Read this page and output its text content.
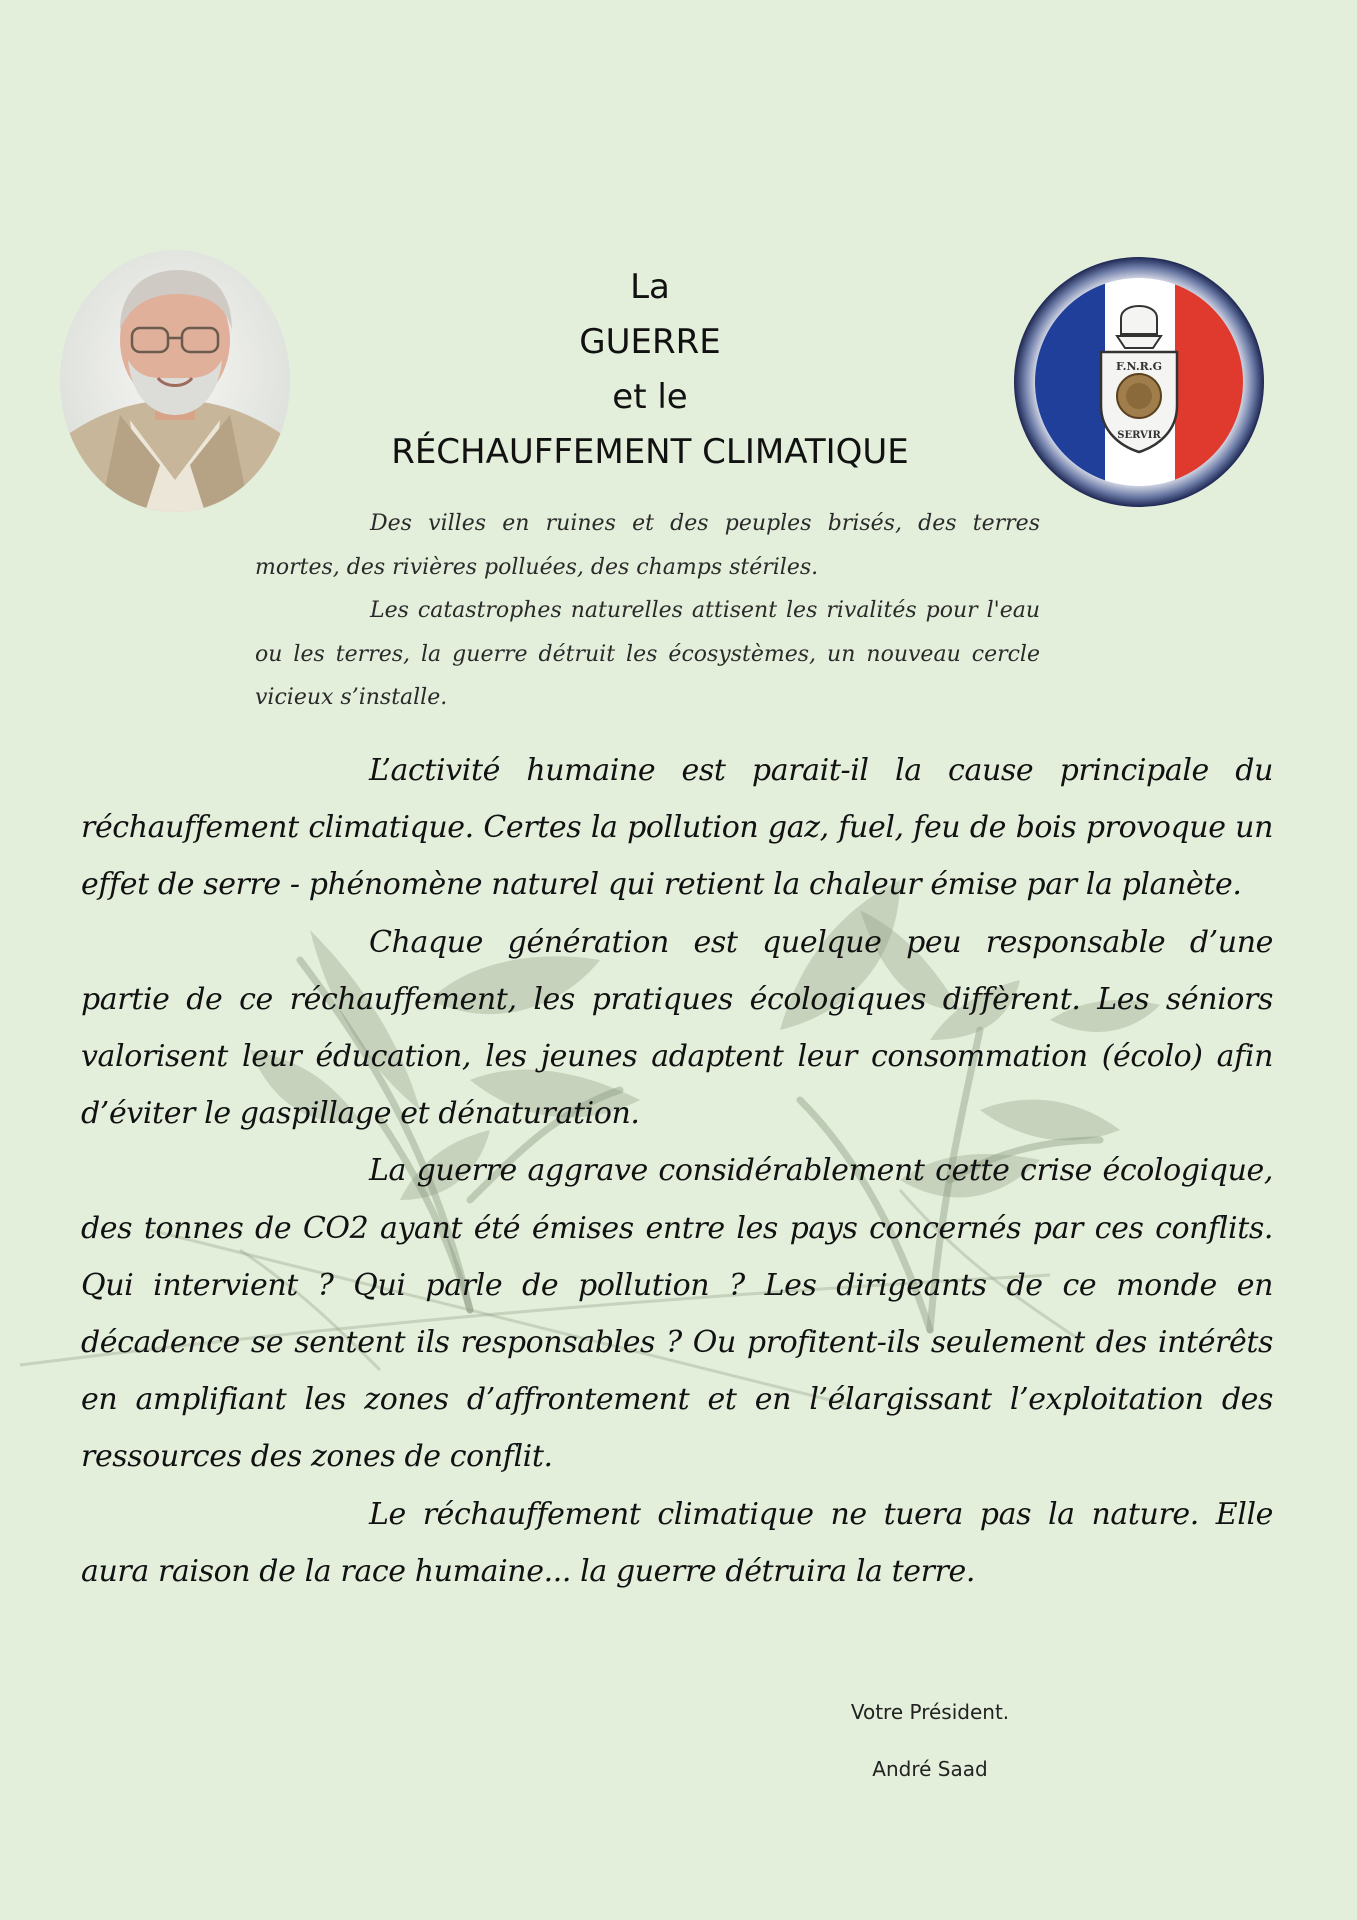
F.N.R.G
SERVIR
La
GUERRE
et le
RÉCHAUFFEMENT CLIMATIQUE

Des villes en ruines et des peuples brisés, des terres mortes, des rivières polluées, des champs stériles.

Les catastrophes naturelles attisent les rivalités pour l'eau ou les terres, la guerre détruit les écosystèmes, un nouveau cercle vicieux s’installe.

L’activité humaine est parait-il la cause principale du réchauffement climatique. Certes la pollution gaz, fuel, feu de bois provoque un effet de serre - phénomène naturel qui retient la chaleur émise par la planète.

Chaque génération est quelque peu responsable d’une partie de ce réchauffement, les pratiques écologiques diffèrent. Les séniors valorisent leur éducation, les jeunes adaptent leur consommation (écolo) afin d’éviter le gaspillage et dénaturation.

La guerre aggrave considérablement cette crise écologique, des tonnes de CO2 ayant été émises entre les pays concernés par ces conflits. Qui intervient ? Qui parle de pollution ? Les dirigeants de ce monde en décadence se sentent ils responsables ? Ou profitent-ils seulement des intérêts en amplifiant les zones d’affrontement et en l’élargissant l’exploitation des ressources des zones de conflit.

Le réchauffement climatique ne tuera pas la nature. Elle aura raison de la race humaine... la guerre détruira la terre.

Votre Président.
André Saad
